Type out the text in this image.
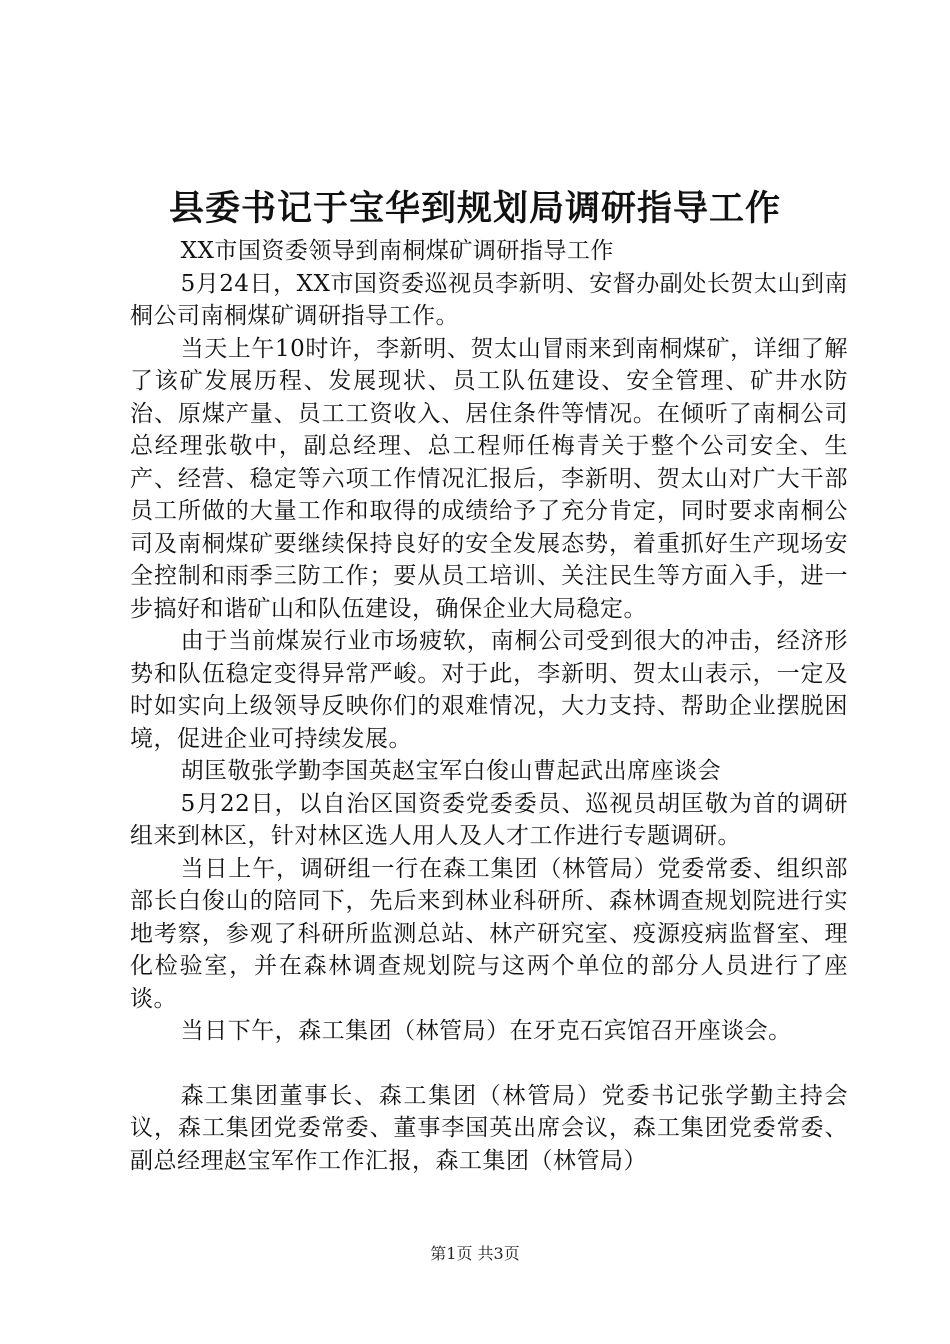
县委书记于宝华到规划局调研指导工作

XX市国资委领导到南桐煤矿调研指导工作

5月24日，XX市国资委巡视员李新明、安督办副处长贺太山到南桐公司南桐煤矿调研指导工作。

当天上午10时许，李新明、贺太山冒雨来到南桐煤矿，详细了解了该矿发展历程、发展现状、员工队伍建设、安全管理、矿井水防治、原煤产量、员工工资收入、居住条件等情况。在倾听了南桐公司总经理张敬中，副总经理、总工程师任梅青关于整个公司安全、生产、经营、稳定等六项工作情况汇报后，李新明、贺太山对广大干部员工所做的大量工作和取得的成绩给予了充分肯定，同时要求南桐公司及南桐煤矿要继续保持良好的安全发展态势，着重抓好生产现场安全控制和雨季三防工作；要从员工培训、关注民生等方面入手，进一步搞好和谐矿山和队伍建设，确保企业大局稳定。

由于当前煤炭行业市场疲软，南桐公司受到很大的冲击，经济形势和队伍稳定变得异常严峻。对于此，李新明、贺太山表示，一定及时如实向上级领导反映你们的艰难情况，大力支持、帮助企业摆脱困境，促进企业可持续发展。

胡匡敬张学勤李国英赵宝军白俊山曹起武出席座谈会

5月22日，以自治区国资委党委委员、巡视员胡匡敬为首的调研组来到林区，针对林区选人用人及人才工作进行专题调研。

当日上午，调研组一行在森工集团（林管局）党委常委、组织部部长白俊山的陪同下，先后来到林业科研所、森林调查规划院进行实地考察，参观了科研所监测总站、林产研究室、疫源疫病监督室、理化检验室，并在森林调查规划院与这两个单位的部分人员进行了座谈。

当日下午，森工集团（林管局）在牙克石宾馆召开座谈会。

森工集团董事长、森工集团（林管局）党委书记张学勤主持会议，森工集团党委常委、董事李国英出席会议，森工集团党委常委、副总经理赵宝军作工作汇报，森工集团（林管局）

第1页 共3页
